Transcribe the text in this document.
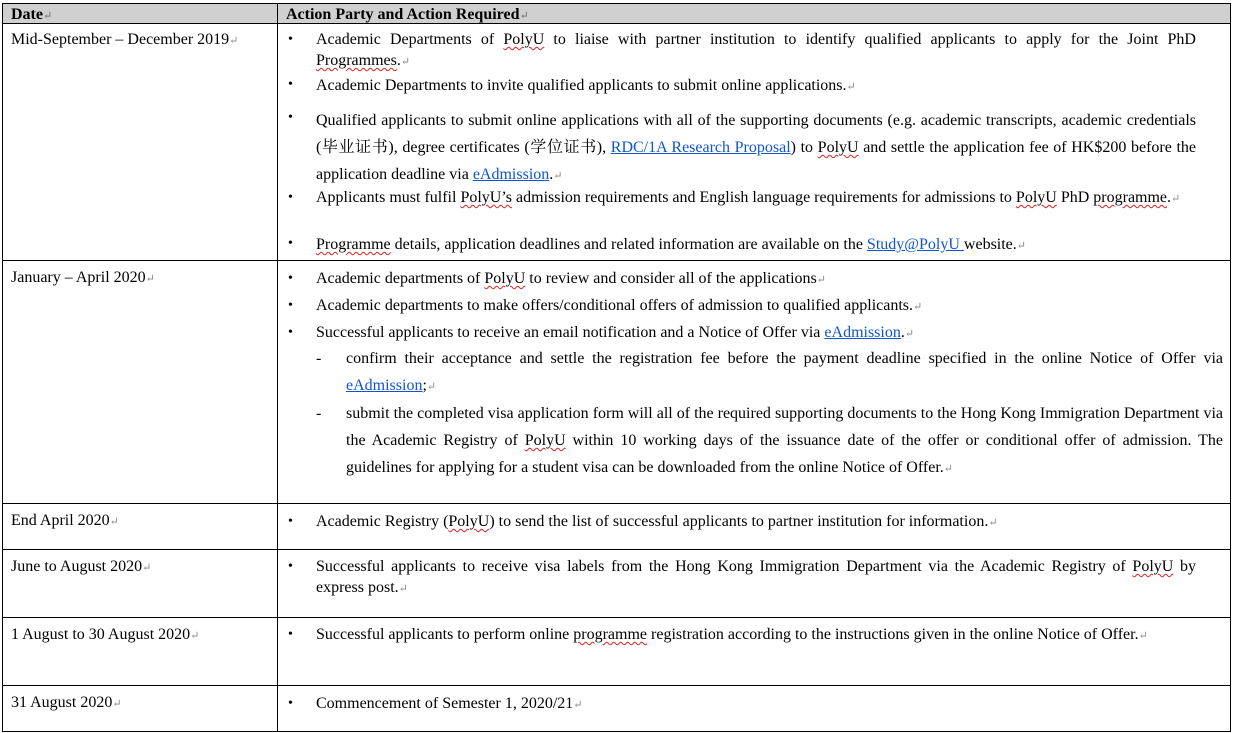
Date↵	Action Party and Action Required↵
Mid-September – December 2019↵	• Academic Departments of PolyU to liaise with partner institution to identify qualified applicants to apply for the Joint PhD Programmes.↵
• Academic Departments to invite qualified applicants to submit online applications.↵
• Qualified applicants to submit online applications with all of the supporting documents (e.g. academic transcripts, academic credentials (毕业证书), degree certificates (学位证书), RDC/1A Research Proposal) to PolyU and settle the application fee of HK$200 before the application deadline via eAdmission.↵
• Applicants must fulfil PolyU’s admission requirements and English language requirements for admissions to PolyU PhD programme.↵
• Programme details, application deadlines and related information are available on the Study@PolyU website.↵
January – April 2020↵	• Academic departments of PolyU to review and consider all of the applications↵
• Academic departments to make offers/conditional offers of admission to qualified applicants.↵
• Successful applicants to receive an email notification and a Notice of Offer via eAdmission.↵
- confirm their acceptance and settle the registration fee before the payment deadline specified in the online Notice of Offer via eAdmission;↵
- submit the completed visa application form will all of the required supporting documents to the Hong Kong Immigration Department via the Academic Registry of PolyU within 10 working days of the issuance date of the offer or conditional offer of admission. The guidelines for applying for a student visa can be downloaded from the online Notice of Offer.↵
End April 2020↵	• Academic Registry (PolyU) to send the list of successful applicants to partner institution for information.↵
June to August 2020↵	• Successful applicants to receive visa labels from the Hong Kong Immigration Department via the Academic Registry of PolyU by express post.↵
1 August to 30 August 2020↵	• Successful applicants to perform online programme registration according to the instructions given in the online Notice of Offer.↵
31 August 2020↵	• Commencement of Semester 1, 2020/21↵
